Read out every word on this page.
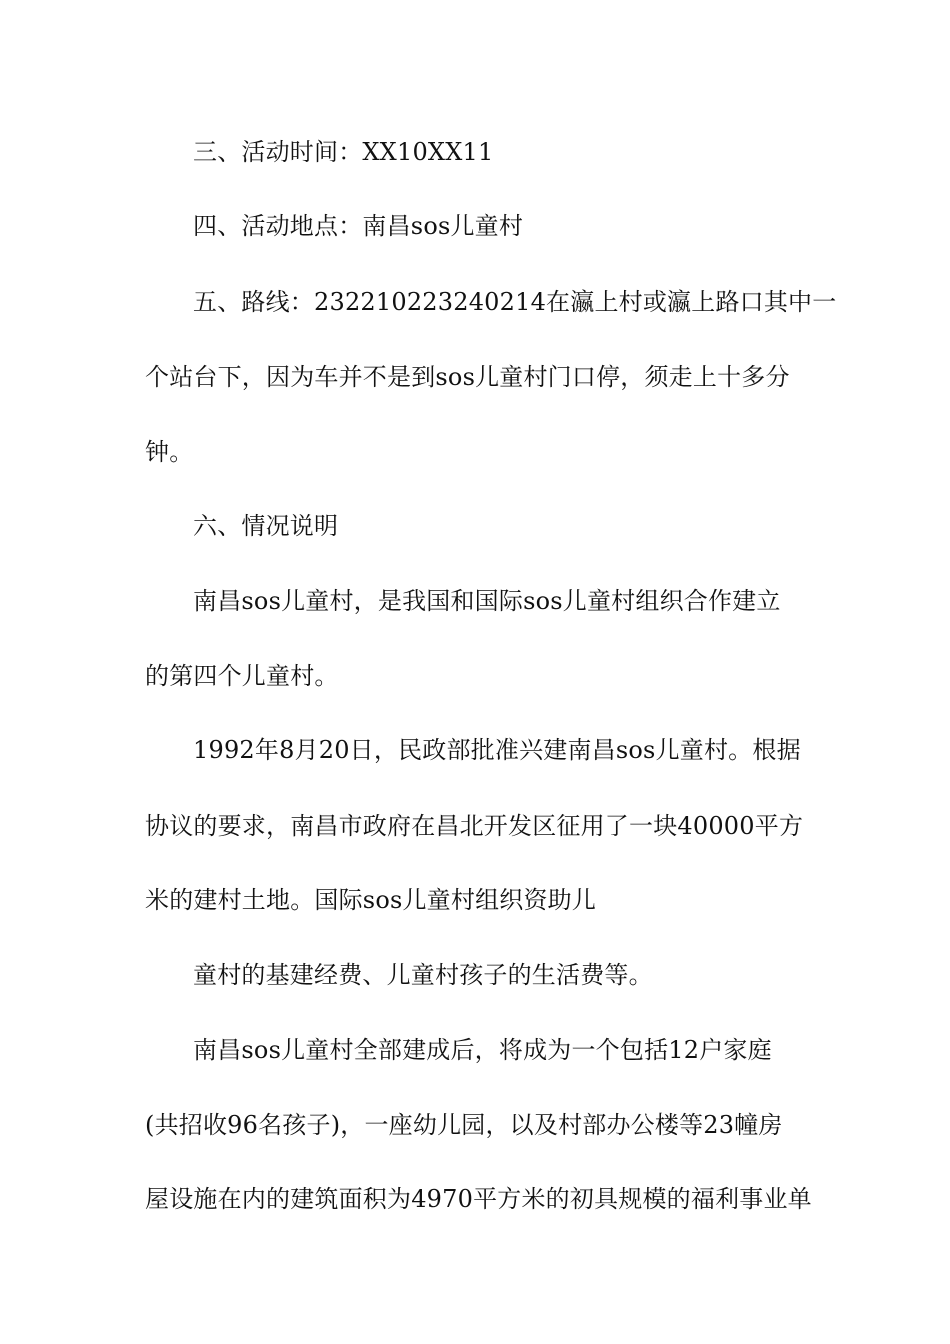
三、活动时间：XX10XX11
四、活动地点：南昌sos儿童村
五、路线：232210223240214在瀛上村或瀛上路口其中一
个站台下，因为车并不是到sos儿童村门口停，须走上十多分
钟。
六、情况说明
南昌sos儿童村，是我国和国际sos儿童村组织合作建立
的第四个儿童村。
1992年8月20日，民政部批准兴建南昌sos儿童村。根据
协议的要求，南昌市政府在昌北开发区征用了一块40000平方
米的建村土地。国际sos儿童村组织资助儿
童村的基建经费、儿童村孩子的生活费等。
南昌sos儿童村全部建成后，将成为一个包括12户家庭
(共招收96名孩子)，一座幼儿园，以及村部办公楼等23幢房
屋设施在内的建筑面积为4970平方米的初具规模的福利事业单
